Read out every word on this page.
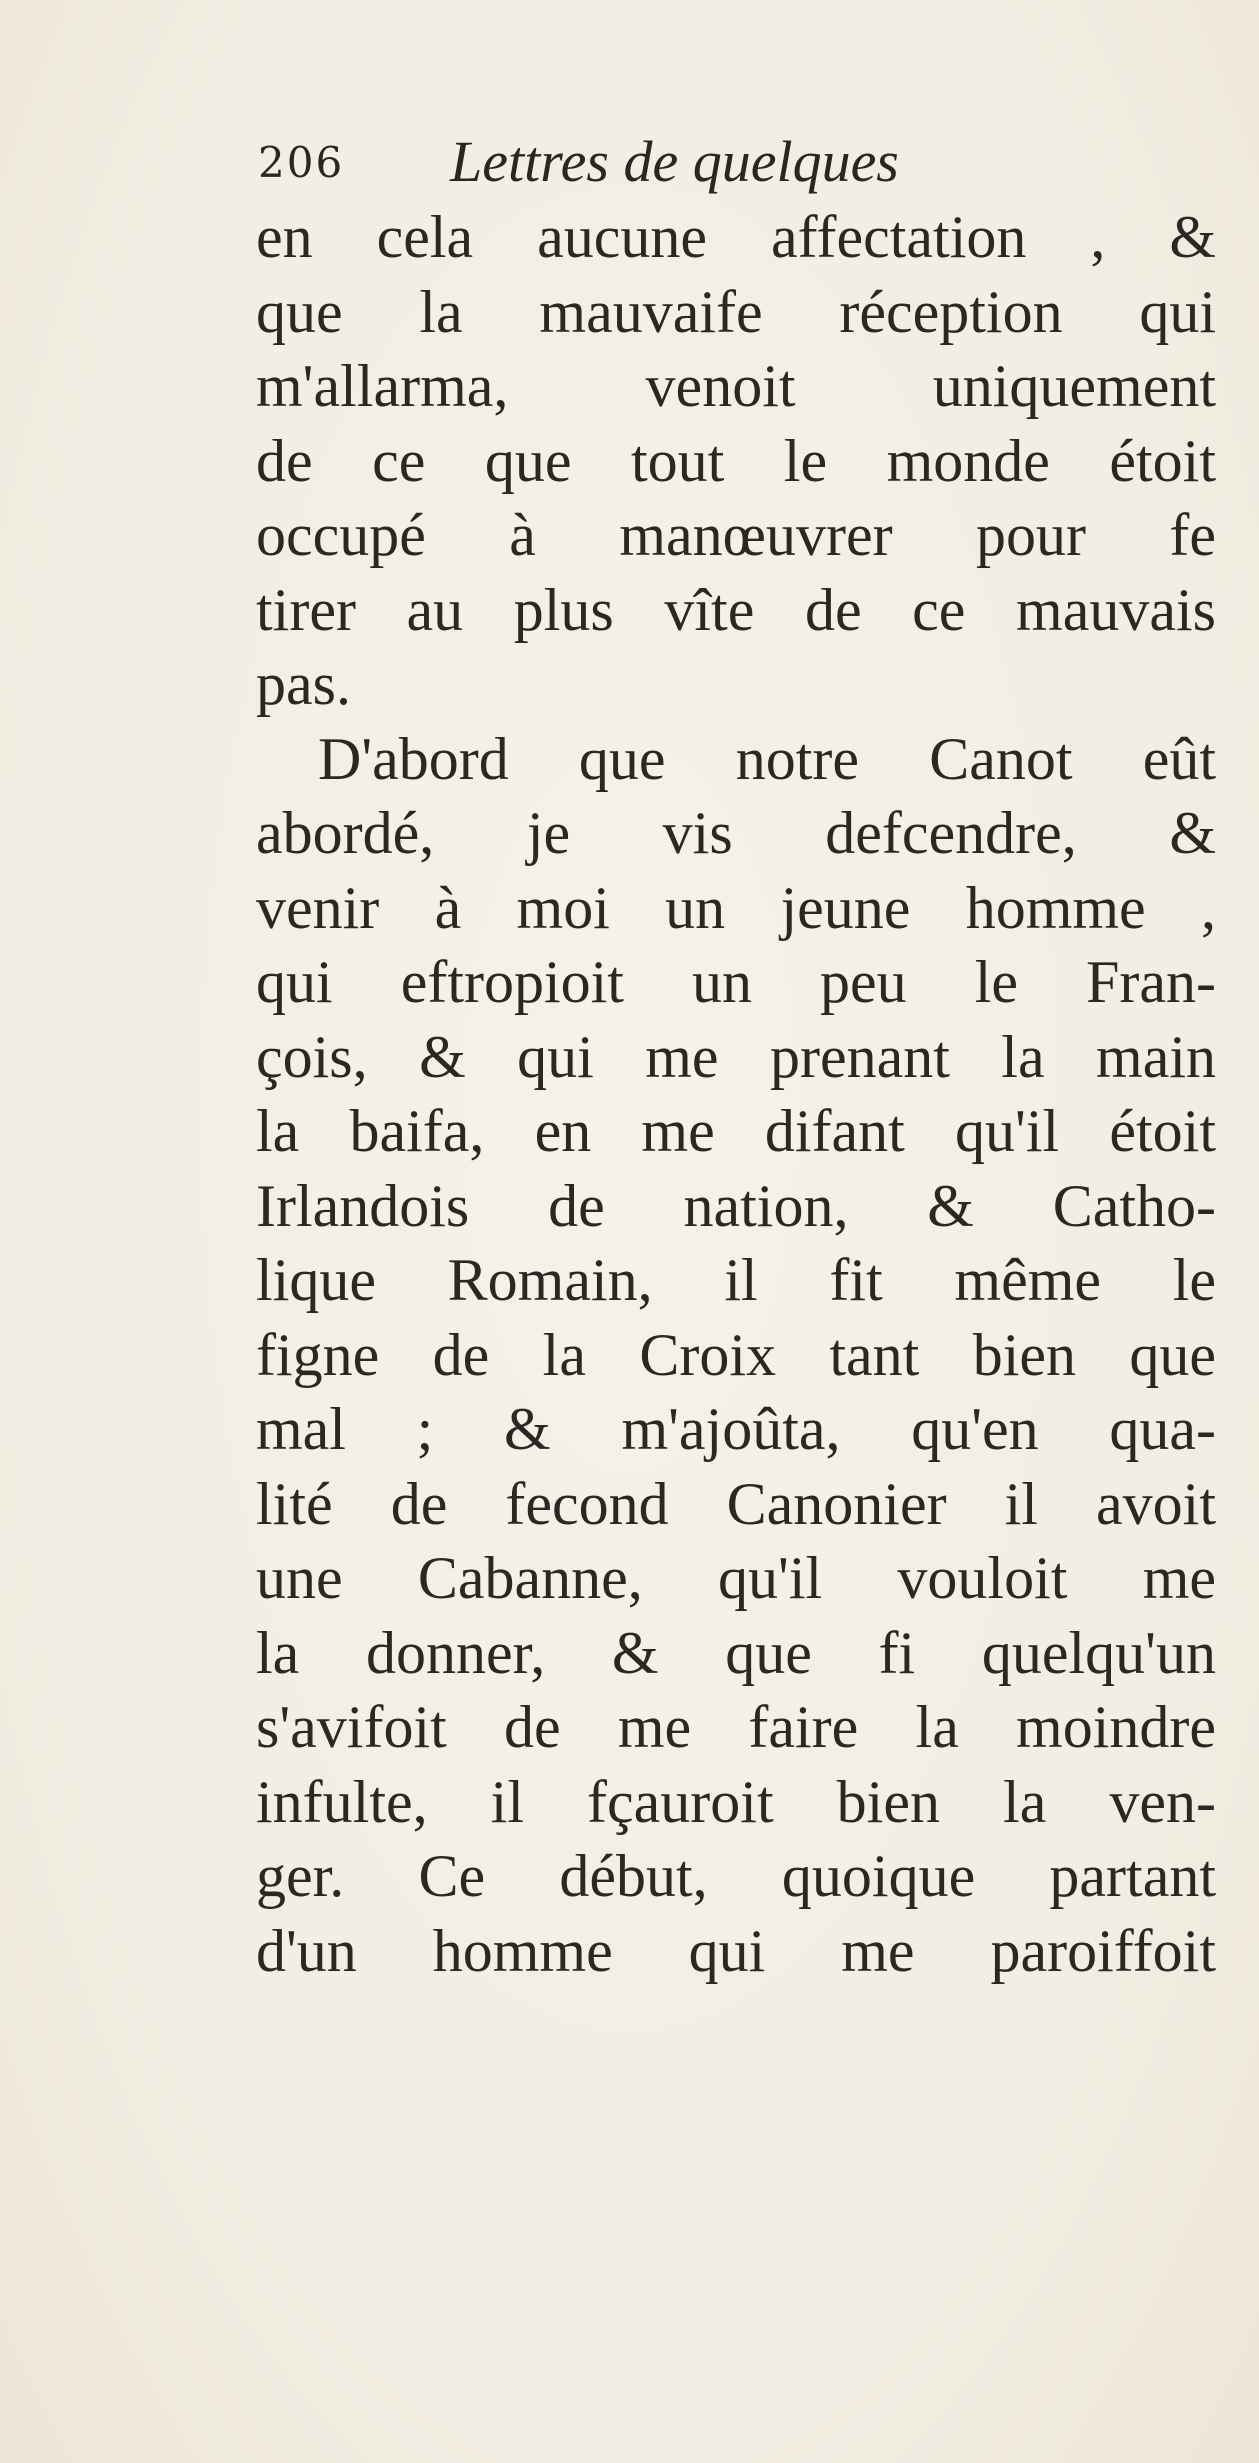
206 Lettres de quelques
en cela aucune affectation , &
que la mauvaife réception qui
m'allarma, venoit uniquement
de ce que tout le monde étoit
occupé à manœuvrer pour fe
tirer au plus vîte de ce mauvais
pas.
D'abord que notre Canot eût
abordé, je vis defcendre, &
venir à moi un jeune homme ,
qui eftropioit un peu le Fran-
çois, & qui me prenant la main
la baifa, en me difant qu'il étoit
Irlandois de nation, & Catho-
lique Romain, il fit même le
figne de la Croix tant bien que
mal ; & m'ajoûta, qu'en qua-
lité de fecond Canonier il avoit
une Cabanne, qu'il vouloit me
la donner, & que fi quelqu'un
s'avifoit de me faire la moindre
infulte, il fçauroit bien la ven-
ger. Ce début, quoique partant
d'un homme qui me paroiffoit
